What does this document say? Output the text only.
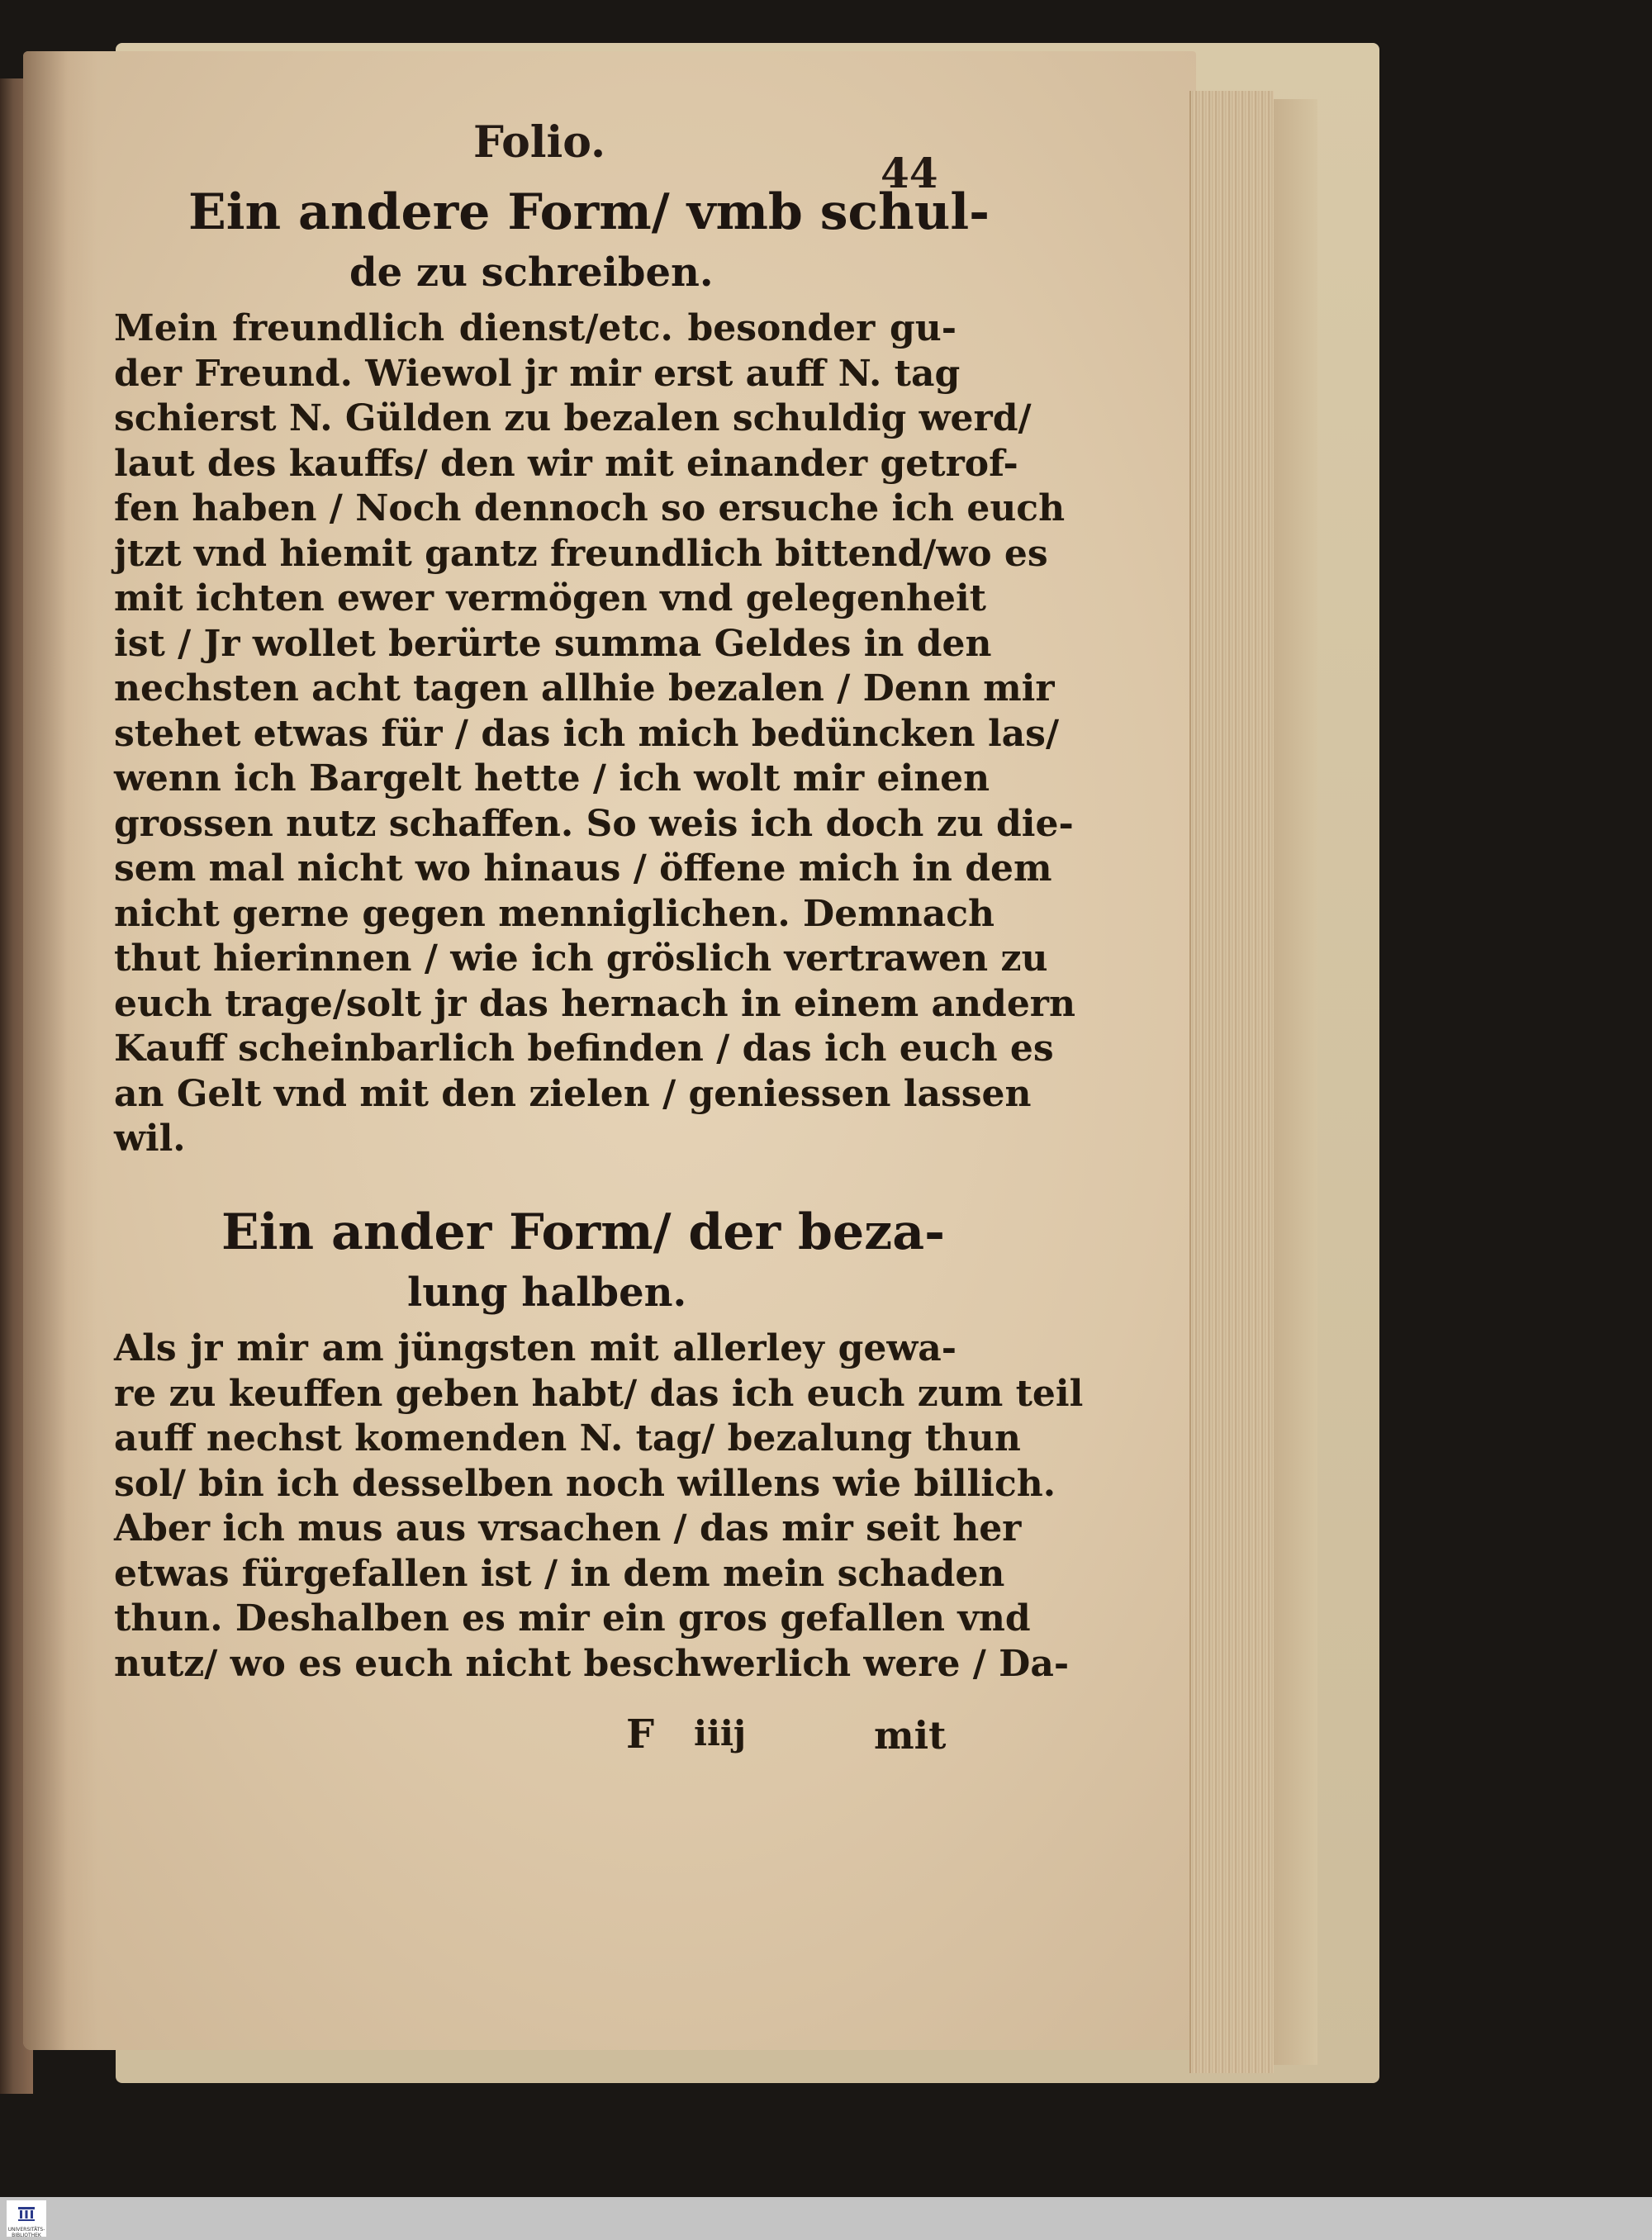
Folio.
44
Ein andere Form/ vmb schul-
de zu schreiben.
Mein freundlich dienst/etc. besonder gu-
der Freund. Wiewol jr mir erst auff N. tag
schierst N. Gülden zu bezalen schuldig werd/
laut des kauffs/ den wir mit einander getrof-
fen haben / Noch dennoch so ersuche ich euch
jtzt vnd hiemit gantz freundlich bittend/wo es
mit ichten ewer vermögen vnd gelegenheit
ist / Jr wollet berürte summa Geldes in den
nechsten acht tagen allhie bezalen / Denn mir
stehet etwas für / das ich mich bedüncken las/
wenn ich Bargelt hette / ich wolt mir einen
grossen nutz schaffen. So weis ich doch zu die-
sem mal nicht wo hinaus / öffene mich in dem
nicht gerne gegen menniglichen. Demnach
thut hierinnen / wie ich gröslich vertrawen zu
euch trage/solt jr das hernach in einem andern
Kauff scheinbarlich befinden / das ich euch es
an Gelt vnd mit den zielen / geniessen lassen
wil.
Ein ander Form/ der beza-
lung halben.
Als jr mir am jüngsten mit allerley gewa-
re zu keuffen geben habt/ das ich euch zum teil
auff nechst komenden N. tag/ bezalung thun
sol/ bin ich desselben noch willens wie billich.
Aber ich mus aus vrsachen / das mir seit her
etwas fürgefallen ist / in dem mein schaden
thun. Deshalben es mir ein gros gefallen vnd
nutz/ wo es euch nicht beschwerlich were / Da-
F iiij	mit
UNIVERSITÄTS-BIBLIOTHEK
